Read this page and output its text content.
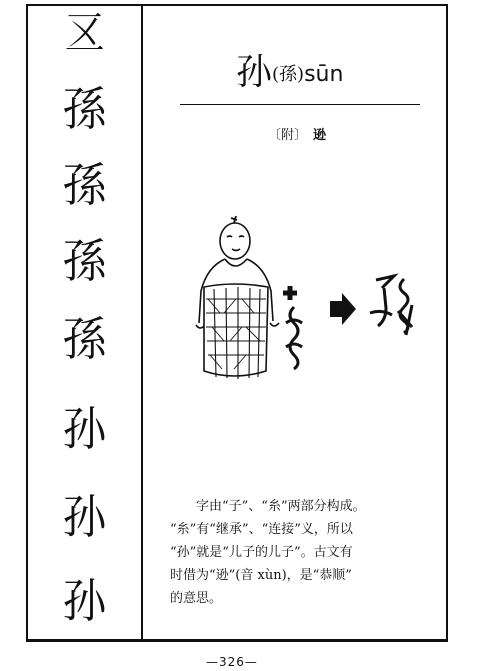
𠄡
孫
孫
孫
孫
孙
孙
孙
孙(孫)sūn
〔附〕 逊
字由“子”、“糸”两部分构成。
“糸”有“继承”、“连接”义，所以
“孙”就是“儿子的儿子”。古文有
时借为“逊”(音 xùn)，是“恭顺”
的意思。
—326—
